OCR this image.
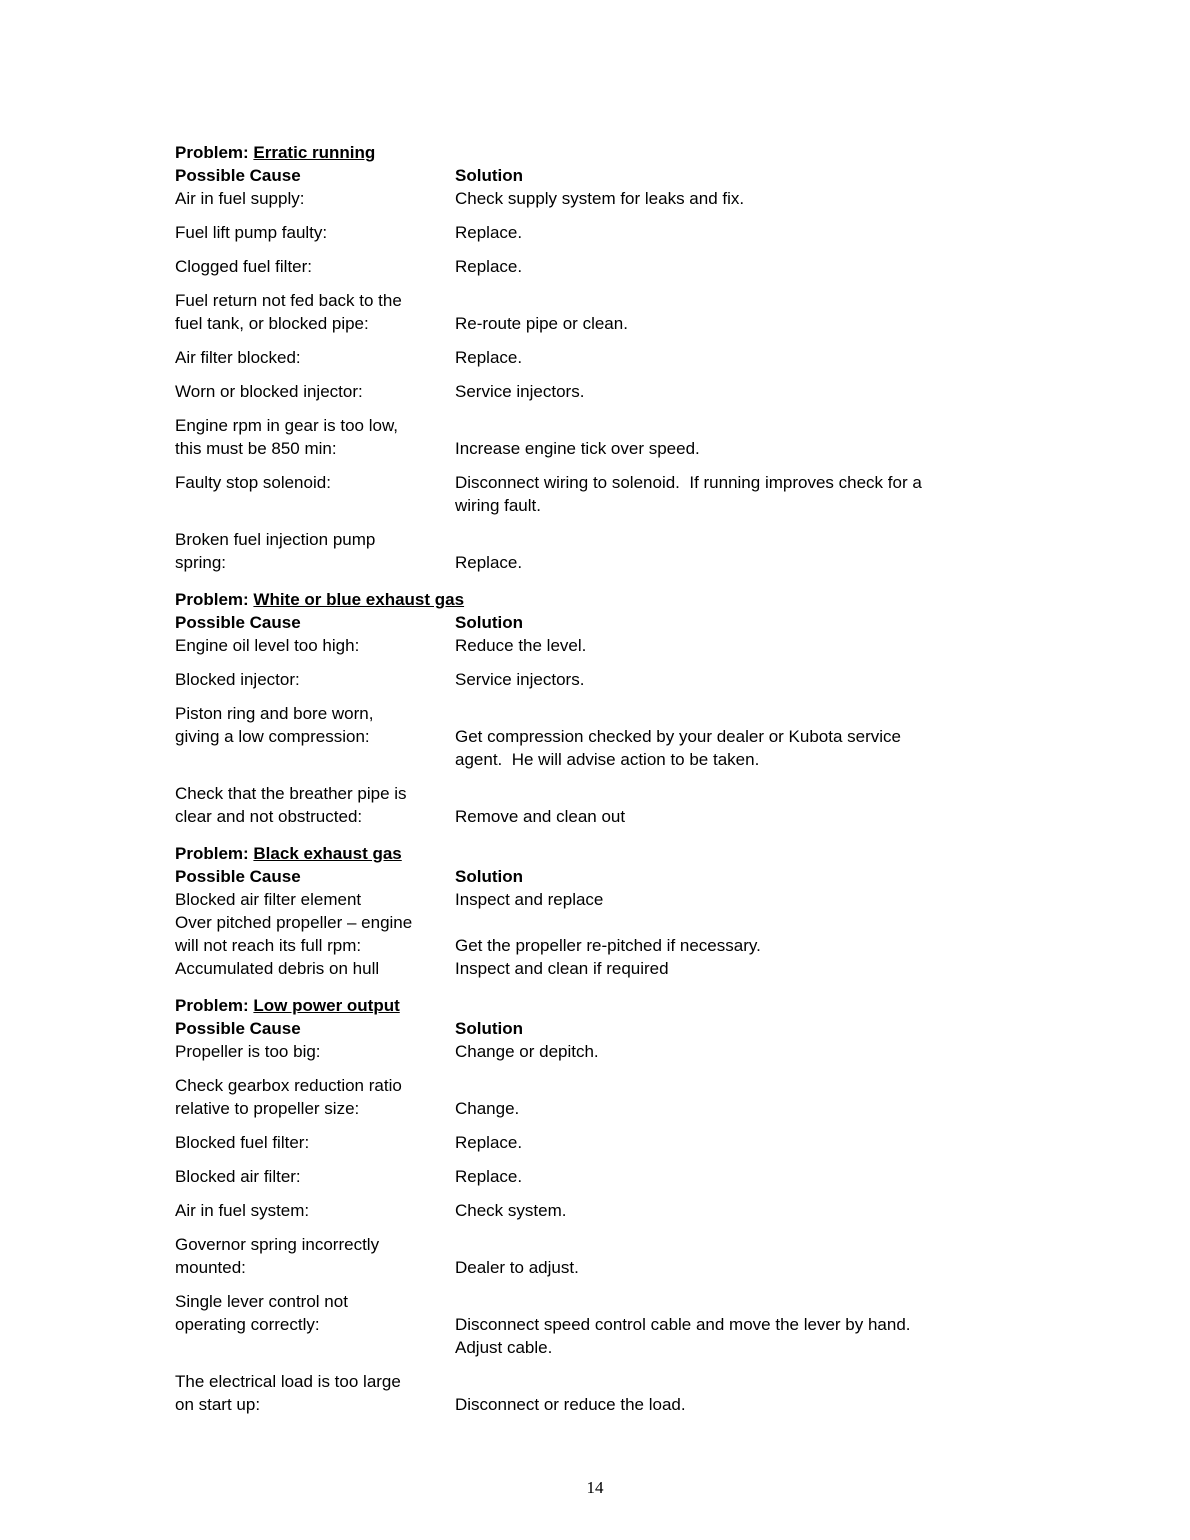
Problem: Erratic running
Possible Cause	Solution
Air in fuel supply:	Check supply system for leaks and fix.
Fuel lift pump faulty:	Replace.
Clogged fuel filter:	Replace.
Fuel return not fed back to the
fuel tank, or blocked pipe:	Re-route pipe or clean.
Air filter blocked:	Replace.
Worn or blocked injector:	Service injectors.
Engine rpm in gear is too low,
this must be 850 min:	Increase engine tick over speed.
Faulty stop solenoid:	Disconnect wiring to solenoid.  If running improves check for a
wiring fault.
Broken fuel injection pump
spring:	Replace.
Problem: White or blue exhaust gas
Possible Cause	Solution
Engine oil level too high:	Reduce the level.
Blocked injector:	Service injectors.
Piston ring and bore worn,
giving a low compression:	Get compression checked by your dealer or Kubota service
agent.  He will advise action to be taken.
Check that the breather pipe is
clear and not obstructed:	Remove and clean out
Problem: Black exhaust gas
Possible Cause	Solution
Blocked air filter element	Inspect and replace
Over pitched propeller – engine
will not reach its full rpm:	Get the propeller re-pitched if necessary.
Accumulated debris on hull	Inspect and clean if required
Problem: Low power output
Possible Cause	Solution
Propeller is too big:	Change or depitch.
Check gearbox reduction ratio
relative to propeller size:	Change.
Blocked fuel filter:	Replace.
Blocked air filter:	Replace.
Air in fuel system:	Check system.
Governor spring incorrectly
mounted:	Dealer to adjust.
Single lever control not
operating correctly:	Disconnect speed control cable and move the lever by hand.
Adjust cable.
The electrical load is too large
on start up:	Disconnect or reduce the load.
14
